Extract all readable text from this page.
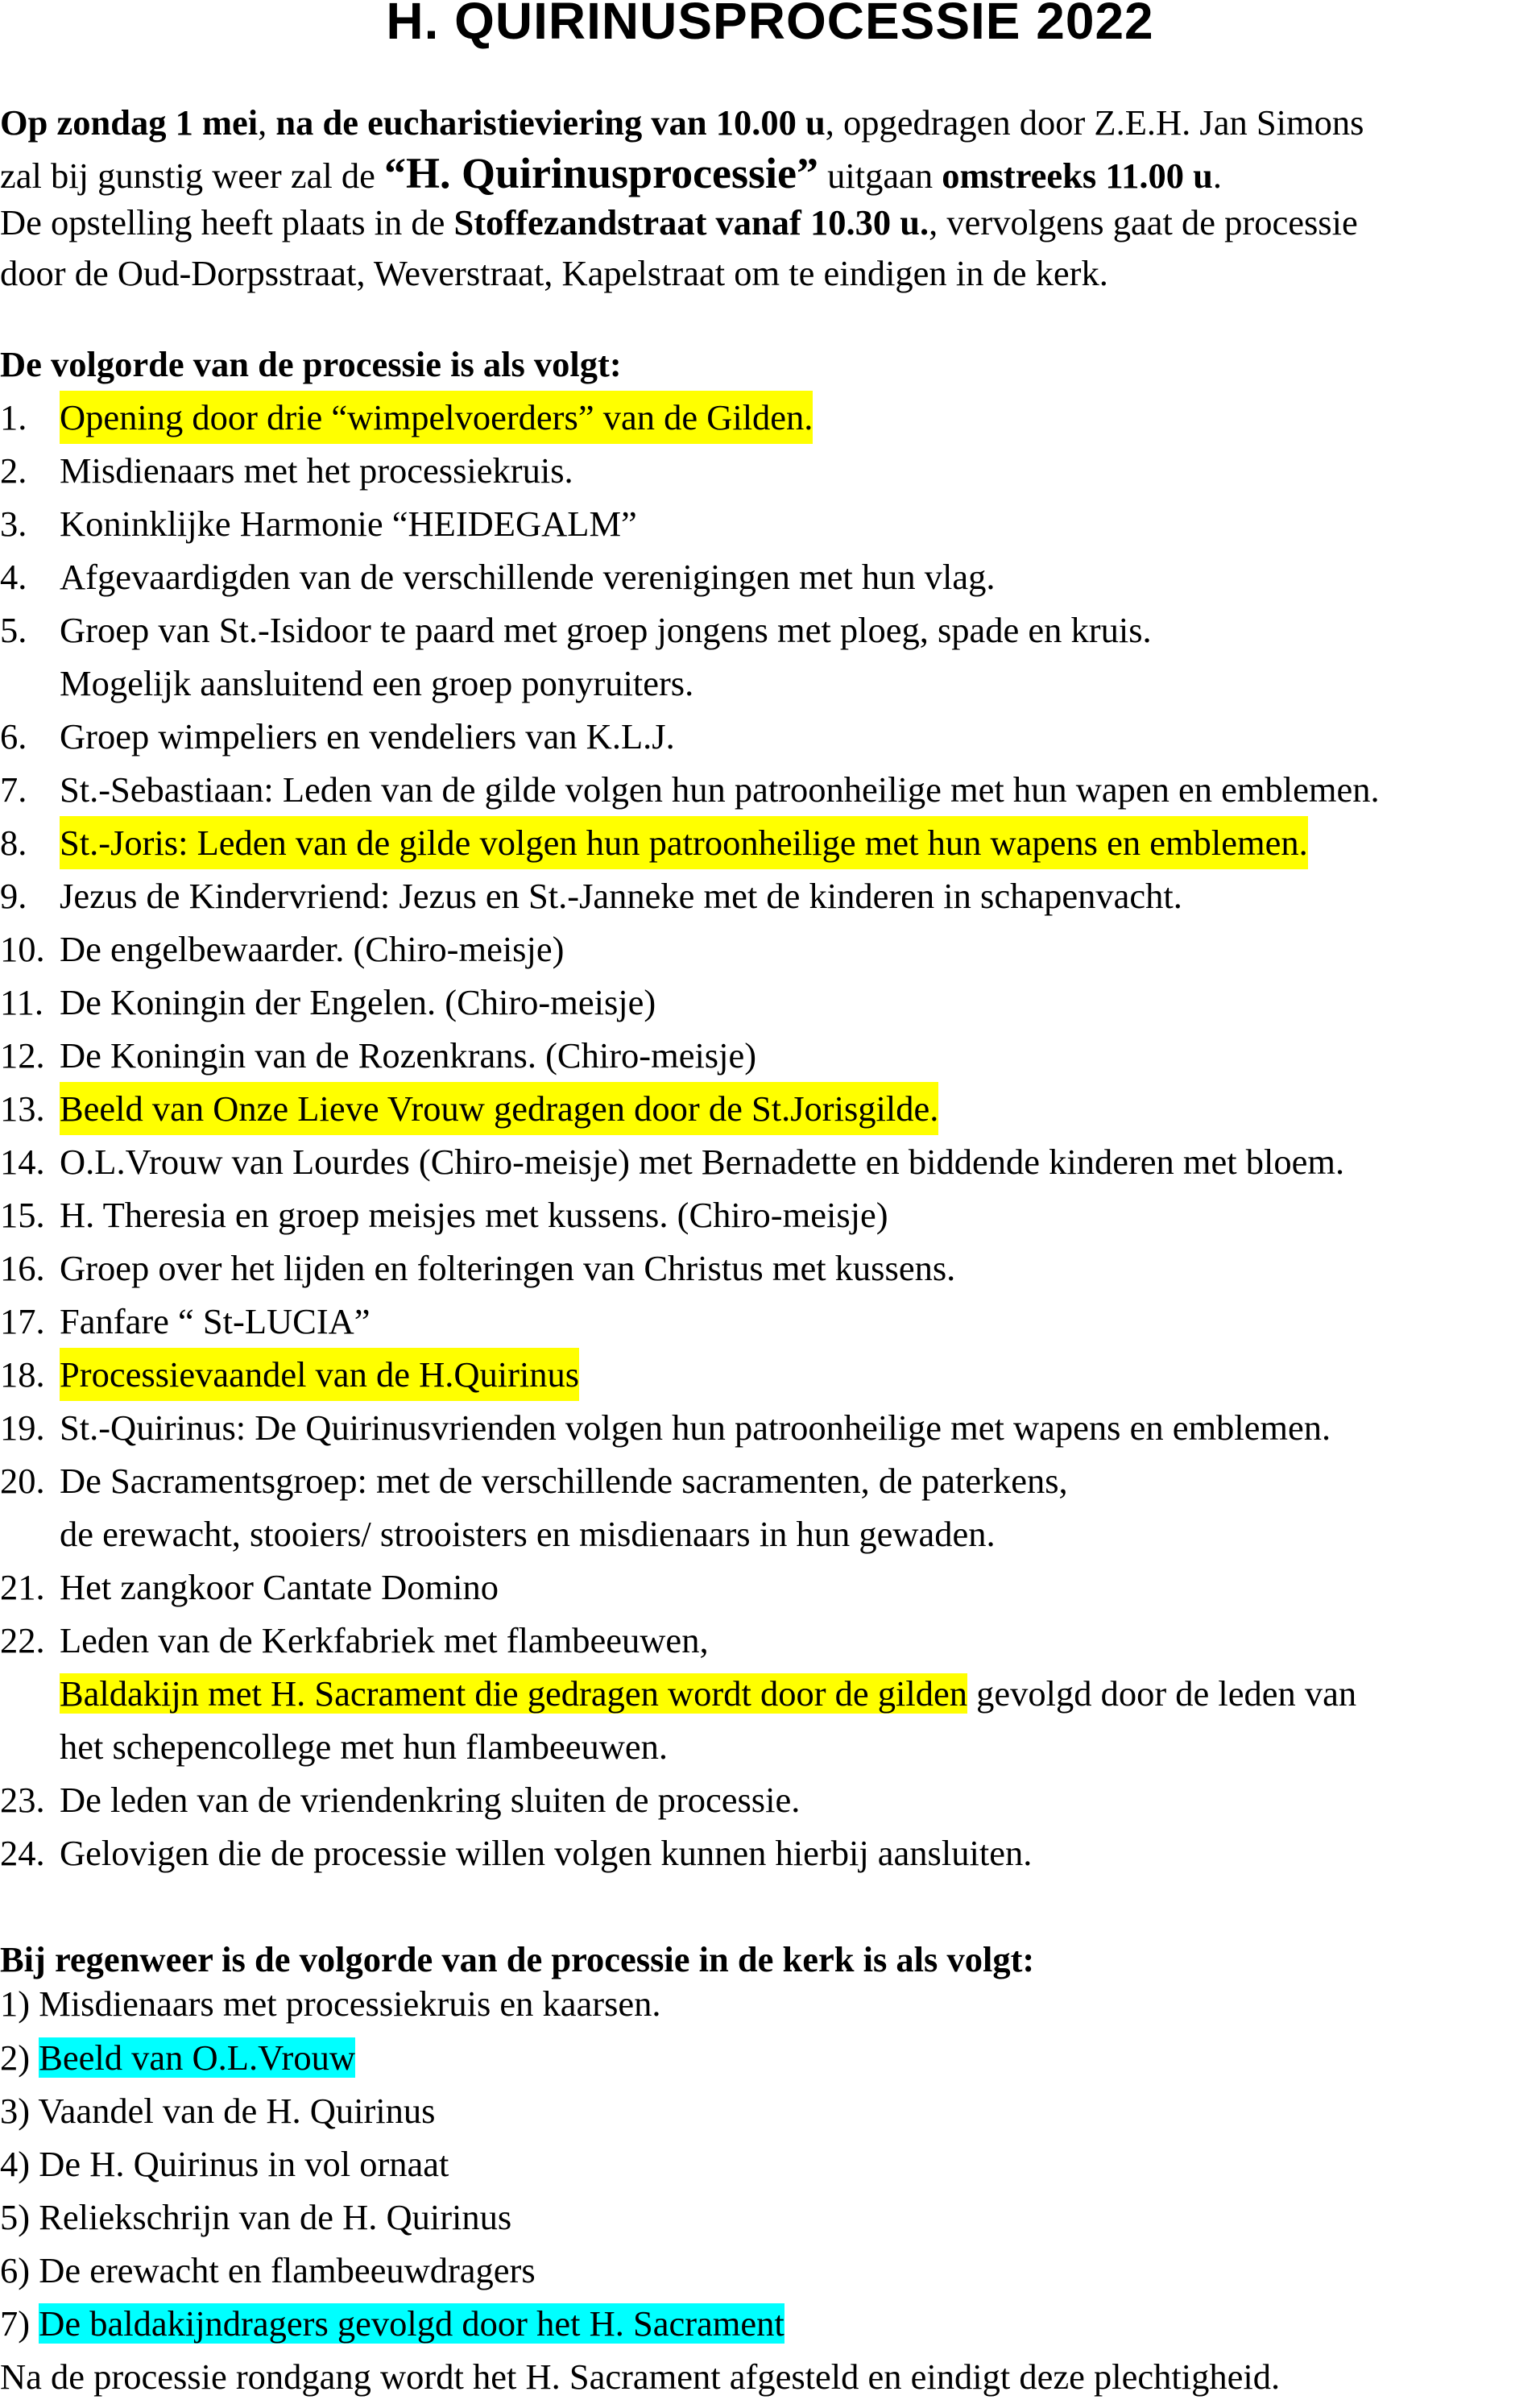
H. QUIRINUSPROCESSIE 2022
Op zondag 1 mei, na de eucharistieviering van 10.00 u, opgedragen door Z.E.H. Jan Simons
zal bij gunstig weer zal de “H. Quirinusprocessie” uitgaan omstreeks 11.00 u.
De opstelling heeft plaats in de Stoffezandstraat vanaf 10.30 u., vervolgens gaat de processie
door de Oud-Dorpsstraat, Weverstraat, Kapelstraat om te eindigen in de kerk.
De volgorde van de processie is als volgt:
1. Opening door drie “wimpelvoerders” van de Gilden.
2. Misdienaars met het processiekruis.
3. Koninklijke Harmonie “HEIDEGALM”
4. Afgevaardigden van de verschillende verenigingen met hun vlag.
5. Groep van St.-Isidoor te paard met groep jongens met ploeg, spade en kruis.
Mogelijk aansluitend een groep ponyruiters.
6. Groep wimpeliers en vendeliers van K.L.J.
7. St.-Sebastiaan: Leden van de gilde volgen hun patroonheilige met hun wapen en emblemen.
8. St.-Joris: Leden van de gilde volgen hun patroonheilige met hun wapens en emblemen.
9. Jezus de Kindervriend: Jezus en St.-Janneke met de kinderen in schapenvacht.
10. De engelbewaarder. (Chiro-meisje)
11. De Koningin der Engelen. (Chiro-meisje)
12. De Koningin van de Rozenkrans. (Chiro-meisje)
13. Beeld van Onze Lieve Vrouw gedragen door de St.Jorisgilde.
14. O.L.Vrouw van Lourdes (Chiro-meisje) met Bernadette en biddende kinderen met bloem.
15. H. Theresia en groep meisjes met kussens. (Chiro-meisje)
16. Groep over het lijden en folteringen van Christus met kussens.
17. Fanfare “ St-LUCIA”
18. Processievaandel van de H.Quirinus
19. St.-Quirinus: De Quirinusvrienden volgen hun patroonheilige met wapens en emblemen.
20. De Sacramentsgroep: met de verschillende sacramenten, de paterkens,
de erewacht, stooiers/ strooisters en misdienaars in hun gewaden.
21. Het zangkoor Cantate Domino
22. Leden van de Kerkfabriek met flambeeuwen,
Baldakijn met H. Sacrament die gedragen wordt door de gilden gevolgd door de leden van
het schepencollege met hun flambeeuwen.
23. De leden van de vriendenkring sluiten de processie.
24. Gelovigen die de processie willen volgen kunnen hierbij aansluiten.
Bij regenweer is de volgorde van de processie in de kerk is als volgt:
1) Misdienaars met processiekruis en kaarsen.
2) Beeld van O.L.Vrouw
3) Vaandel van de H. Quirinus
4) De H. Quirinus in vol ornaat
5) Reliekschrijn van de H. Quirinus
6) De erewacht en flambeeuwdragers
7) De baldakijndragers gevolgd door het H. Sacrament
Na de processie rondgang wordt het H. Sacrament afgesteld en eindigt deze plechtigheid.
